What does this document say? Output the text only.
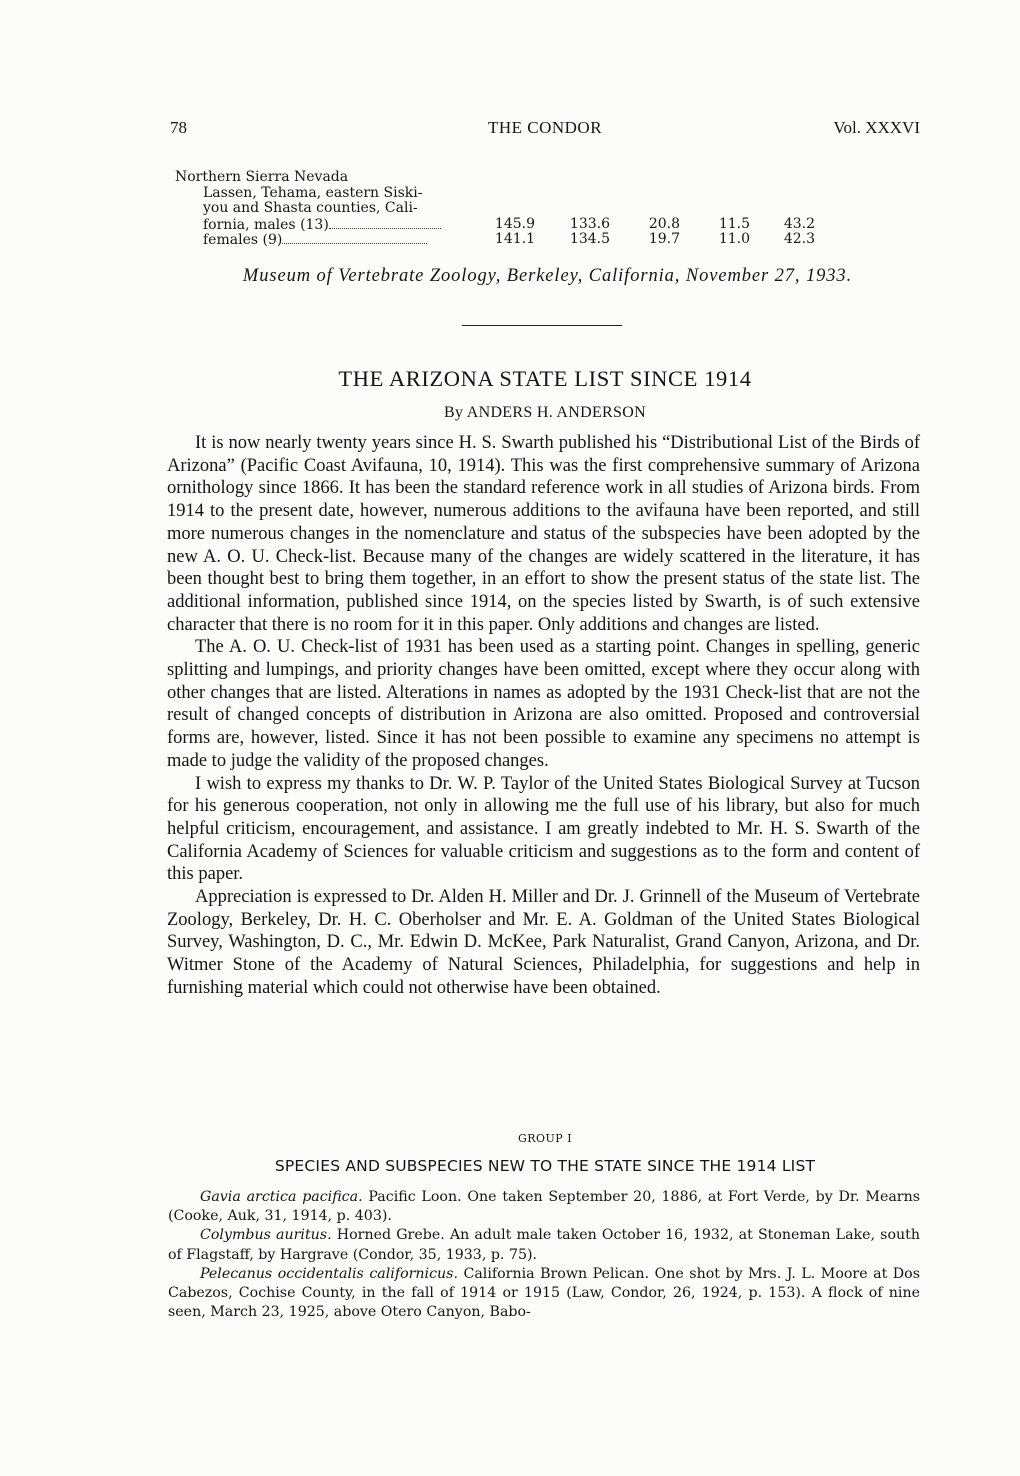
78	THE CONDOR	Vol. XXXVI
Northern Sierra Nevada
Lassen, Tehama, eastern Siski-
you and Shasta counties, Cali-
fornia, males (13)	145.9	133.6	20.8	11.5	43.2
females (9)	141.1	134.5	19.7	11.0	42.3
Museum of Vertebrate Zoology, Berkeley, California, November 27, 1933.
THE ARIZONA STATE LIST SINCE 1914
By ANDERS H. ANDERSON

It is now nearly twenty years since H. S. Swarth published his “Distributional List of the Birds of Arizona” (Pacific Coast Avifauna, 10, 1914). This was the first comprehensive summary of Arizona ornithology since 1866. It has been the standard reference work in all studies of Arizona birds. From 1914 to the present date, however, numerous additions to the avifauna have been reported, and still more numerous changes in the nomenclature and status of the subspecies have been adopted by the new A. O. U. Check-list. Because many of the changes are widely scattered in the literature, it has been thought best to bring them together, in an effort to show the present status of the state list. The additional information, published since 1914, on the species listed by Swarth, is of such extensive character that there is no room for it in this paper. Only additions and changes are listed.

The A. O. U. Check-list of 1931 has been used as a starting point. Changes in spelling, generic splitting and lumpings, and priority changes have been omitted, except where they occur along with other changes that are listed. Alterations in names as adopted by the 1931 Check-list that are not the result of changed concepts of distribution in Arizona are also omitted. Proposed and controversial forms are, however, listed. Since it has not been possible to examine any specimens no attempt is made to judge the validity of the proposed changes.

I wish to express my thanks to Dr. W. P. Taylor of the United States Biological Survey at Tucson for his generous cooperation, not only in allowing me the full use of his library, but also for much helpful criticism, encouragement, and assistance. I am greatly indebted to Mr. H. S. Swarth of the California Academy of Sciences for valuable criticism and suggestions as to the form and content of this paper.

Appreciation is expressed to Dr. Alden H. Miller and Dr. J. Grinnell of the Museum of Vertebrate Zoology, Berkeley, Dr. H. C. Oberholser and Mr. E. A. Goldman of the United States Biological Survey, Washington, D. C., Mr. Edwin D. McKee, Park Naturalist, Grand Canyon, Arizona, and Dr. Witmer Stone of the Academy of Natural Sciences, Philadelphia, for suggestions and help in furnishing material which could not otherwise have been obtained.

GROUP I
SPECIES AND SUBSPECIES NEW TO THE STATE SINCE THE 1914 LIST

Gavia arctica pacifica. Pacific Loon. One taken September 20, 1886, at Fort Verde, by Dr. Mearns (Cooke, Auk, 31, 1914, p. 403).

Colymbus auritus. Horned Grebe. An adult male taken October 16, 1932, at Stoneman Lake, south of Flagstaff, by Hargrave (Condor, 35, 1933, p. 75).

Pelecanus occidentalis californicus. California Brown Pelican. One shot by Mrs. J. L. Moore at Dos Cabezos, Cochise County, in the fall of 1914 or 1915 (Law, Condor, 26, 1924, p. 153). A flock of nine seen, March 23, 1925, above Otero Canyon, Babo-
